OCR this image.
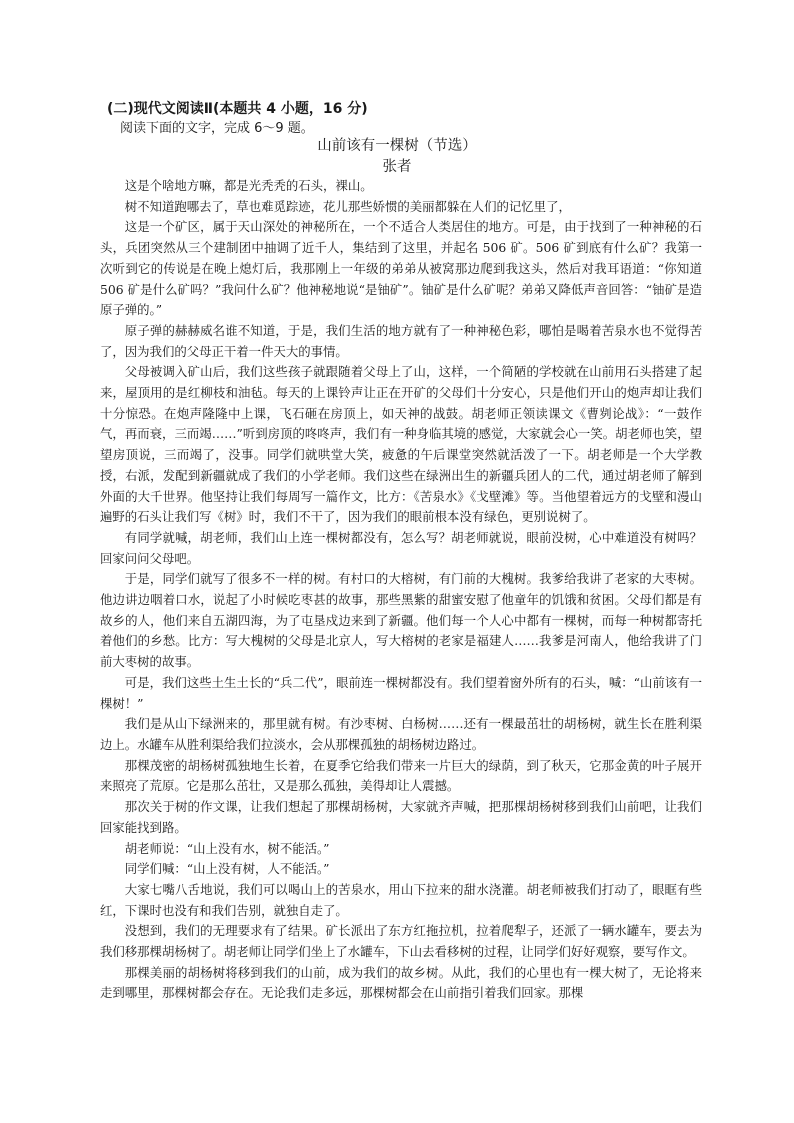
(二)现代文阅读Ⅱ(本题共 4 小题，16 分)
阅读下面的文字，完成 6～9 题。
山前该有一棵树（节选）
张者

这是个啥地方嘛，都是光秃秃的石头，裸山。

树不知道跑哪去了，草也难觅踪迹，花儿那些娇惯的美丽都躲在人们的记忆里了，

这是一个矿区，属于天山深处的神秘所在，一个不适合人类居住的地方。可是，由于找到了一种神秘的石头，兵团突然从三个建制团中抽调了近千人，集结到了这里，并起名 506 矿。506 矿到底有什么矿？我第一次听到它的传说是在晚上熄灯后，我那刚上一年级的弟弟从被窝那边爬到我这头，然后对我耳语道：“你知道 506 矿是什么矿吗？”我问什么矿？他神秘地说“是铀矿”。铀矿是什么矿呢？弟弟又降低声音回答：“铀矿是造原子弹的。”

原子弹的赫赫威名谁不知道，于是，我们生活的地方就有了一种神秘色彩，哪怕是喝着苦泉水也不觉得苦了，因为我们的父母正干着一件天大的事情。

父母被调入矿山后，我们这些孩子就跟随着父母上了山，这样，一个简陋的学校就在山前用石头搭建了起来，屋顶用的是红柳枝和油毡。每天的上课铃声让正在开矿的父母们十分安心，只是他们开山的炮声却让我们十分惊恐。在炮声隆隆中上课，飞石砸在房顶上，如天神的战鼓。胡老师正领读课文《曹刿论战》：“一鼓作气，再而衰，三而竭……”听到房顶的咚咚声，我们有一种身临其境的感觉，大家就会心一笑。胡老师也笑，望望房顶说，三而竭了，没事。同学们就哄堂大笑，疲惫的午后课堂突然就活泼了一下。胡老师是一个大学教授，右派，发配到新疆就成了我们的小学老师。我们这些在绿洲出生的新疆兵团人的二代，通过胡老师了解到外面的大千世界。他坚持让我们每周写一篇作文，比方：《苦泉水》《戈壁滩》等。当他望着远方的戈壁和漫山遍野的石头让我们写《树》时，我们不干了，因为我们的眼前根本没有绿色，更别说树了。

有同学就喊，胡老师，我们山上连一棵树都没有，怎么写？胡老师就说，眼前没树，心中难道没有树吗？回家问问父母吧。

于是，同学们就写了很多不一样的树。有村口的大榕树，有门前的大槐树。我爹给我讲了老家的大枣树。他边讲边咽着口水，说起了小时候吃枣甚的故事，那些黑紫的甜蜜安慰了他童年的饥饿和贫困。父母们都是有故乡的人，他们来自五湖四海，为了屯垦戍边来到了新疆。他们每一个人心中都有一棵树，而每一种树都寄托着他们的乡愁。比方：写大槐树的父母是北京人，写大榕树的老家是福建人……我爹是河南人，他给我讲了门前大枣树的故事。

可是，我们这些土生土长的“兵二代”，眼前连一棵树都没有。我们望着窗外所有的石头，喊：“山前该有一棵树！”

我们是从山下绿洲来的，那里就有树。有沙枣树、白杨树……还有一棵最茁壮的胡杨树，就生长在胜利渠边上。水罐车从胜利渠给我们拉淡水，会从那棵孤独的胡杨树边路过。

那棵茂密的胡杨树孤独地生长着，在夏季它给我们带来一片巨大的绿荫，到了秋天，它那金黄的叶子展开来照亮了荒原。它是那么茁壮，又是那么孤独，美得却让人震撼。

那次关于树的作文课，让我们想起了那棵胡杨树，大家就齐声喊，把那棵胡杨树移到我们山前吧，让我们回家能找到路。

胡老师说：“山上没有水，树不能活。”

同学们喊：“山上没有树，人不能活。”

大家七嘴八舌地说，我们可以喝山上的苦泉水，用山下拉来的甜水浇灌。胡老师被我们打动了，眼眶有些红，下课时也没有和我们告别，就独自走了。

没想到，我们的无理要求有了结果。矿长派出了东方红拖拉机，拉着爬犁子，还派了一辆水罐车，要去为我们移那棵胡杨树了。胡老师让同学们坐上了水罐车，下山去看移树的过程，让同学们好好观察，要写作文。

那棵美丽的胡杨树将移到我们的山前，成为我们的故乡树。从此，我们的心里也有一棵大树了，无论将来走到哪里，那棵树都会存在。无论我们走多远，那棵树都会在山前指引着我们回家。那棵
